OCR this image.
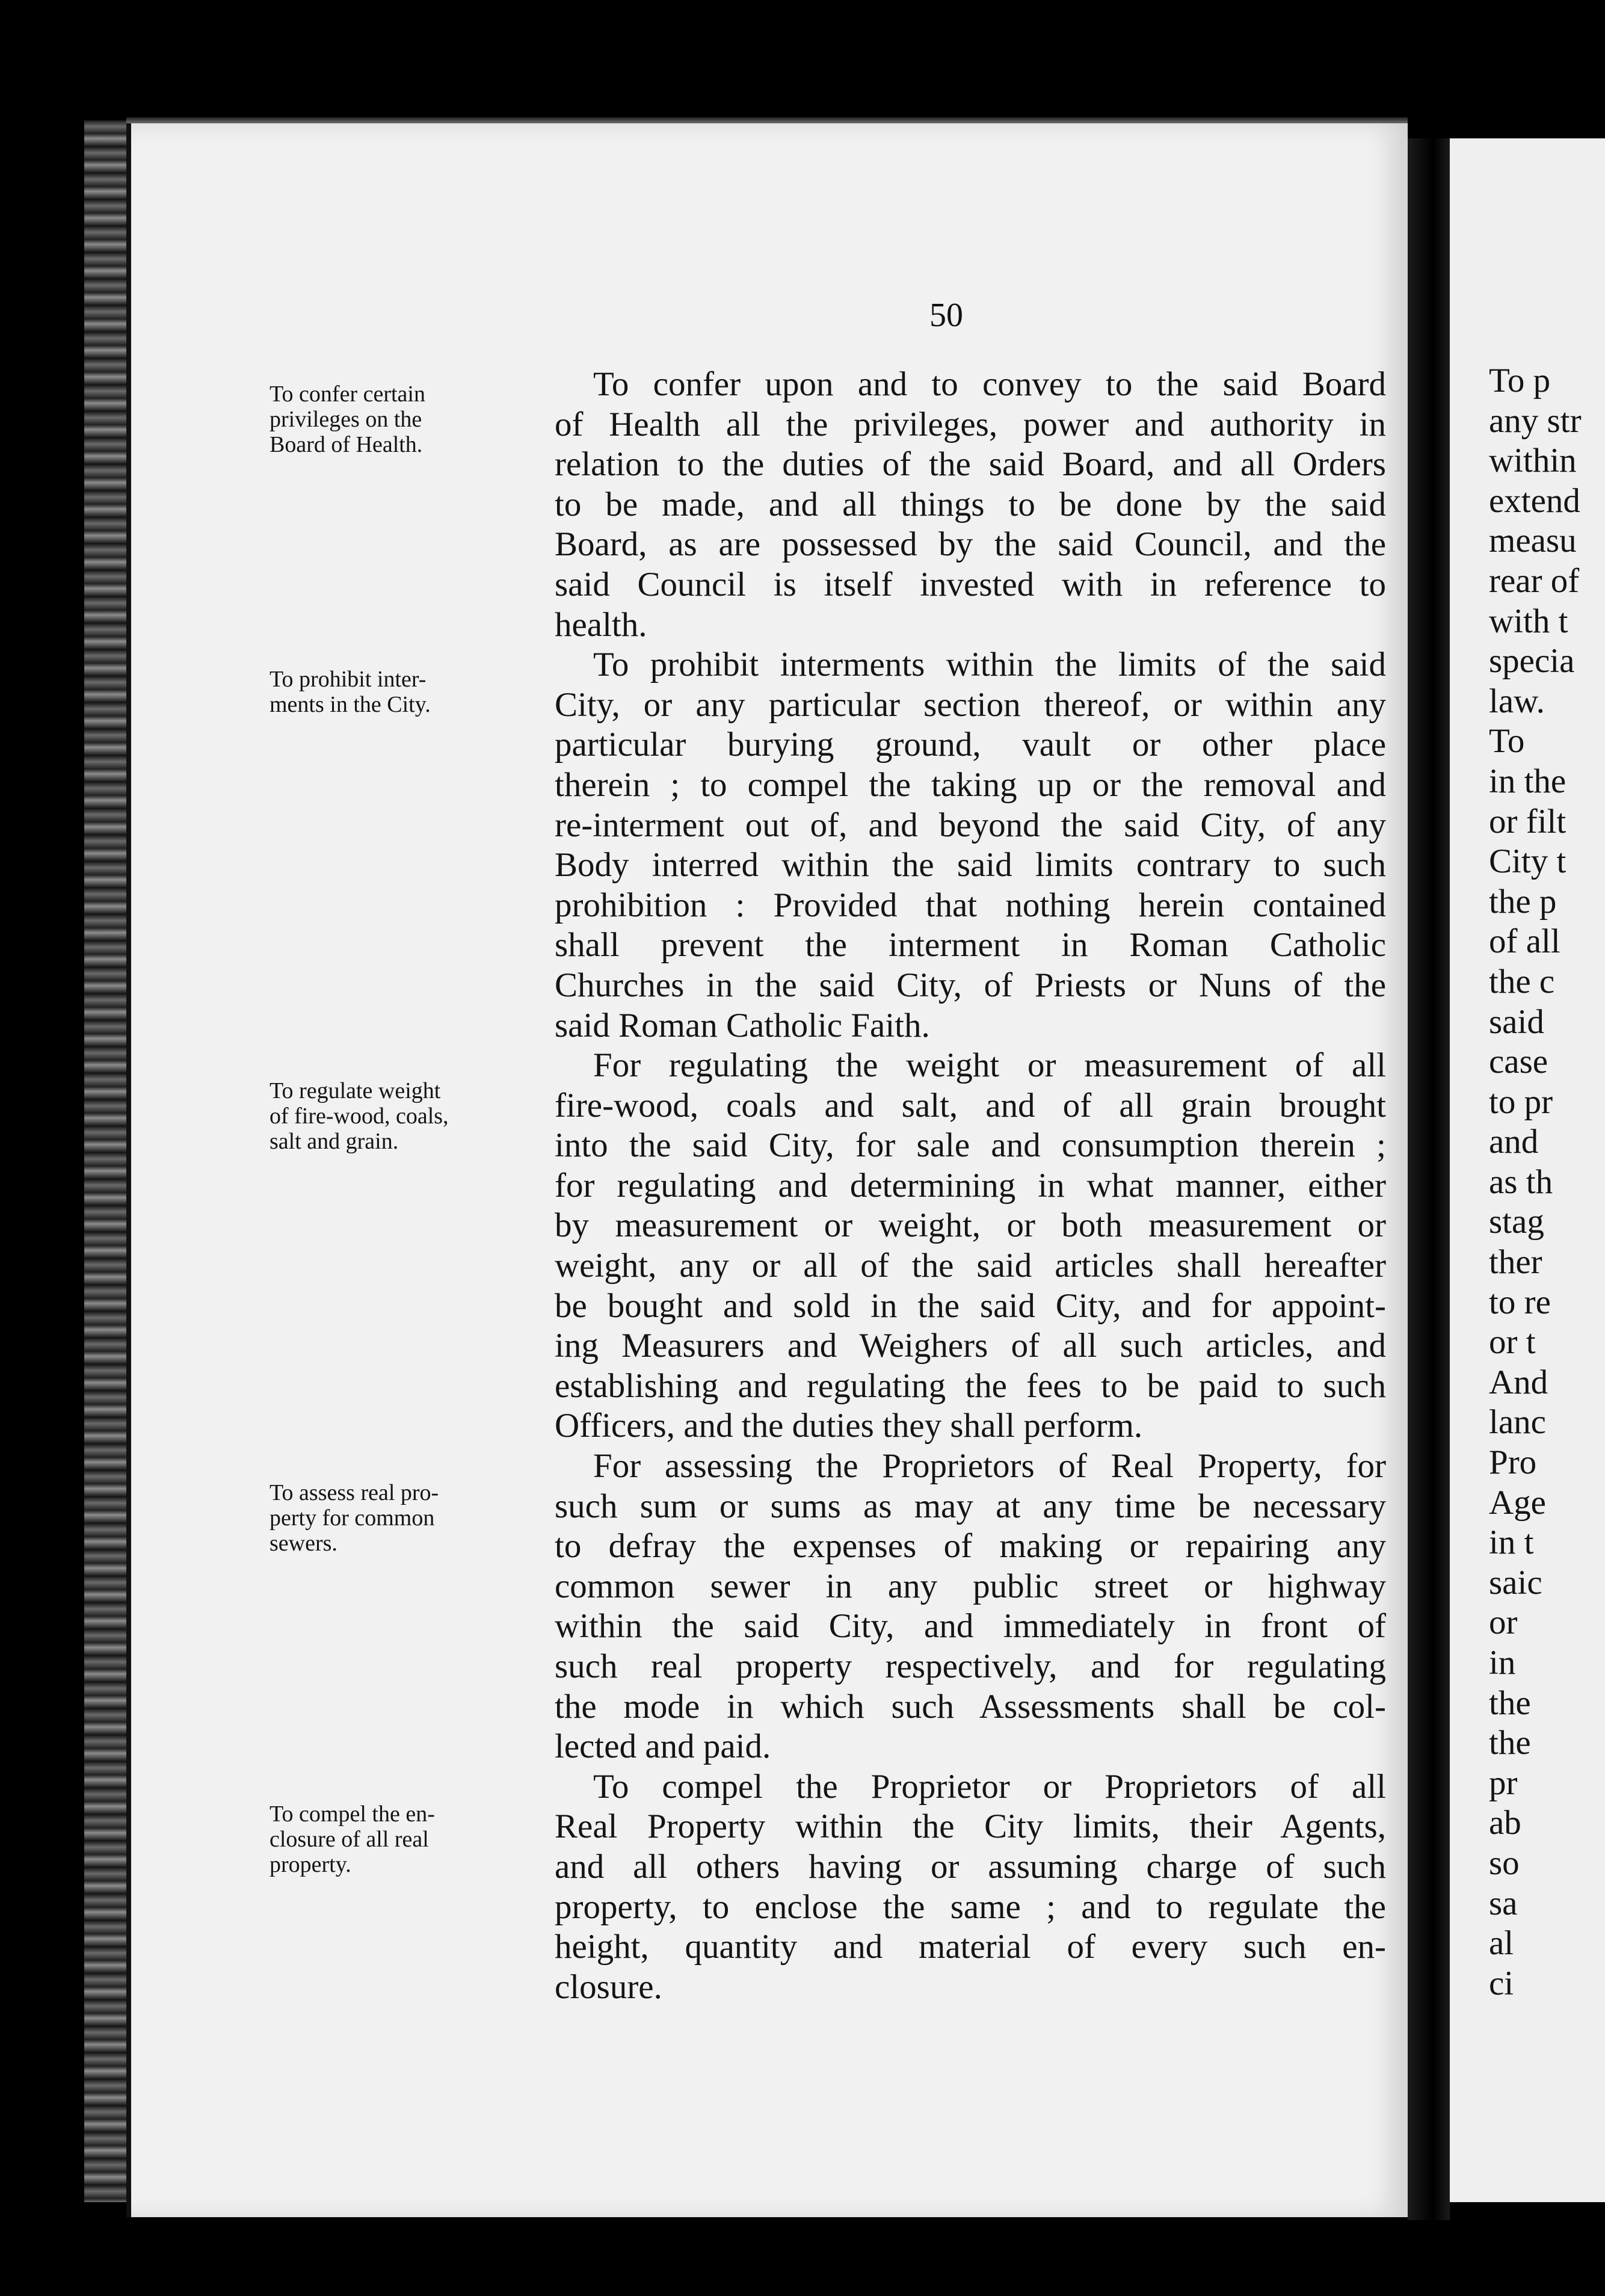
50
To confer certain
privileges on the
Board of Health.
To prohibit inter-
ments in the City.
To regulate weight
of fire-wood, coals,
salt and grain.
To assess real pro-
perty for common
sewers.
To compel the en-
closure of all real
property.
To confer upon and to convey to the said Board
of Health all the privileges, power and authority in
relation to the duties of the said Board, and all Orders
to be made, and all things to be done by the said
Board, as are possessed by the said Council, and the
said Council is itself invested with in reference to
health.
To prohibit interments within the limits of the said
City, or any particular section thereof, or within any
particular burying ground, vault or other place
therein ; to compel the taking up or the removal and
re-interment out of, and beyond the said City, of any
Body interred within the said limits contrary to such
prohibition : Provided that nothing herein contained
shall prevent the interment in Roman Catholic
Churches in the said City, of Priests or Nuns of the
said Roman Catholic Faith.
For regulating the weight or measurement of all
fire-wood, coals and salt, and of all grain brought
into the said City, for sale and consumption therein ;
for regulating and determining in what manner, either
by measurement or weight, or both measurement or
weight, any or all of the said articles shall hereafter
be bought and sold in the said City, and for appoint-
ing Measurers and Weighers of all such articles, and
establishing and regulating the fees to be paid to such
Officers, and the duties they shall perform.
For assessing the Proprietors of Real Property, for
such sum or sums as may at any time be necessary
to defray the expenses of making or repairing any
common sewer in any public street or highway
within the said City, and immediately in front of
such real property respectively, and for regulating
the mode in which such Assessments shall be col-
lected and paid.
To compel the Proprietor or Proprietors of all
Real Property within the City limits, their Agents,
and all others having or assuming charge of such
property, to enclose the same ; and to regulate the
height, quantity and material of every such en-
closure.
To p
any str
within
extend
measu
rear of
with t
specia
law.
To
in the
or filt
City t
the p
of all
the c
said
case
to pr
and
as th
stag
ther
to re
or t
And
lanc
Pro
Age
in t
saic
or
in
the
the
pr
ab
so
sa
al
ci
